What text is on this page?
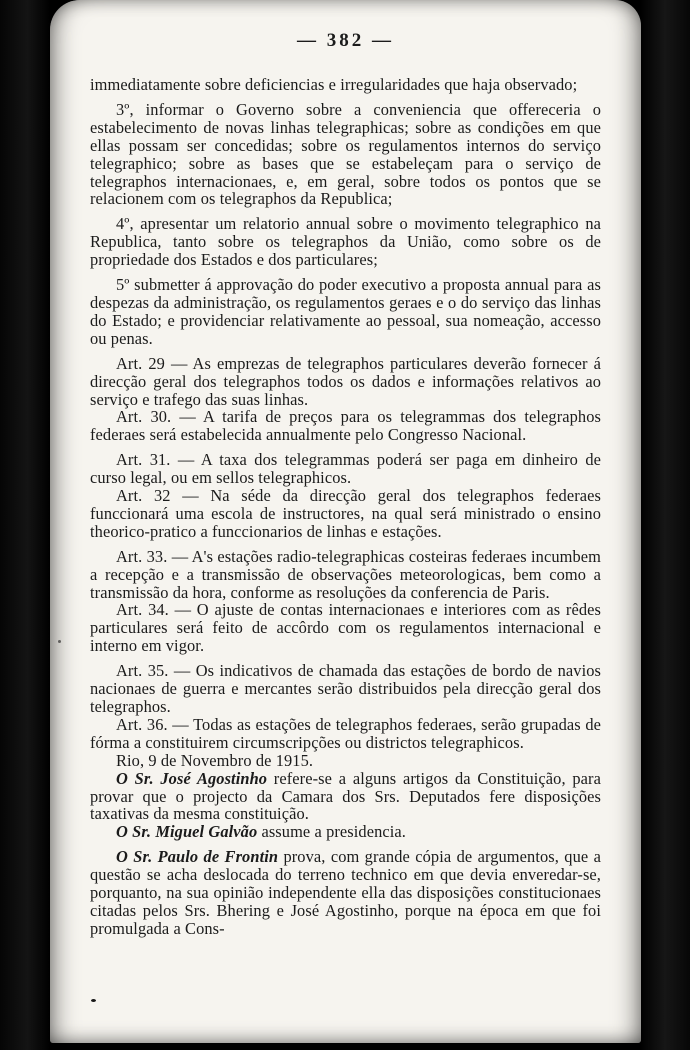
— 382 —

immediatamente sobre deficiencias e irregularidades que haja observado;

3º, informar o Governo sobre a conveniencia que offereceria o estabelecimento de novas linhas telegraphicas; sobre as condições em que ellas possam ser concedidas; sobre os regulamentos internos do serviço telegraphico; sobre as bases que se estabeleçam para o serviço de telegraphos internacionaes, e, em geral, sobre todos os pontos que se relacionem com os telegraphos da Republica;

4º, apresentar um relatorio annual sobre o movimento telegraphico na Republica, tanto sobre os telegraphos da União, como sobre os de propriedade dos Estados e dos particulares;

5º submetter á approvação do poder executivo a proposta annual para as despezas da administração, os regulamentos geraes e o do serviço das linhas do Estado; e providenciar relativamente ao pessoal, sua nomeação, accesso ou penas.

Art. 29 — As emprezas de telegraphos particulares deverão fornecer á direcção geral dos telegraphos todos os dados e informações relativos ao serviço e trafego das suas linhas.

Art. 30. — A tarifa de preços para os telegrammas dos telegraphos federaes será estabelecida annualmente pelo Congresso Nacional.

Art. 31. — A taxa dos telegrammas poderá ser paga em dinheiro de curso legal, ou em sellos telegraphicos.

Art. 32 — Na séde da direcção geral dos telegraphos federaes funccionará uma escola de instructores, na qual será ministrado o ensino theorico-pratico a funccionarios de linhas e estações.

Art. 33. — A's estações radio-telegraphicas costeiras federaes incumbem a recepção e a transmissão de observações meteorologicas, bem como a transmissão da hora, conforme as resoluções da conferencia de Paris.

Art. 34. — O ajuste de contas internacionaes e interiores com as rêdes particulares será feito de accôrdo com os regulamentos internacional e interno em vigor.

Art. 35. — Os indicativos de chamada das estações de bordo de navios nacionaes de guerra e mercantes serão distribuidos pela direcção geral dos telegraphos.

Art. 36. — Todas as estações de telegraphos federaes, serão grupadas de fórma a constituirem circumscripções ou districtos telegraphicos.

Rio, 9 de Novembro de 1915.

O Sr. José Agostinho refere-se a alguns artigos da Constituição, para provar que o projecto da Camara dos Srs. Deputados fere disposições taxativas da mesma constituição.

O Sr. Miguel Galvão assume a presidencia.

O Sr. Paulo de Frontin prova, com grande cópia de argumentos, que a questão se acha deslocada do terreno technico em que devia enveredar-se, porquanto, na sua opinião independente ella das disposições constitucionaes citadas pelos Srs. Bhering e José Agostinho, porque na época em que foi promulgada a Cons-
